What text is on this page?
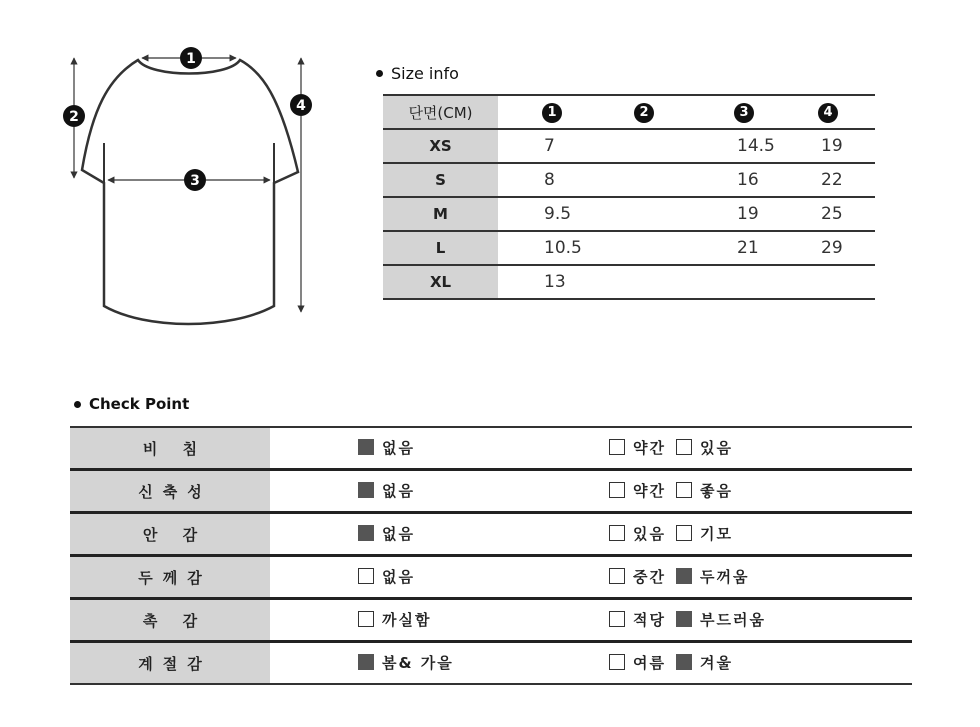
1
2
3
4
Size info
단면(CM)	1	2	3	4
XS	7		14.5	19
S	8		16	22
M	9.5		19	25
L	10.5		21	29
XL	13			
Check Point
비 침	없음	약간	있음

신축성	없음	약간	좋음

안 감	없음	있음	기모

두께감	없음	중간	두꺼움

촉 감	까실함	적당	부드러움

계절감	봄& 가을	여름	겨울
